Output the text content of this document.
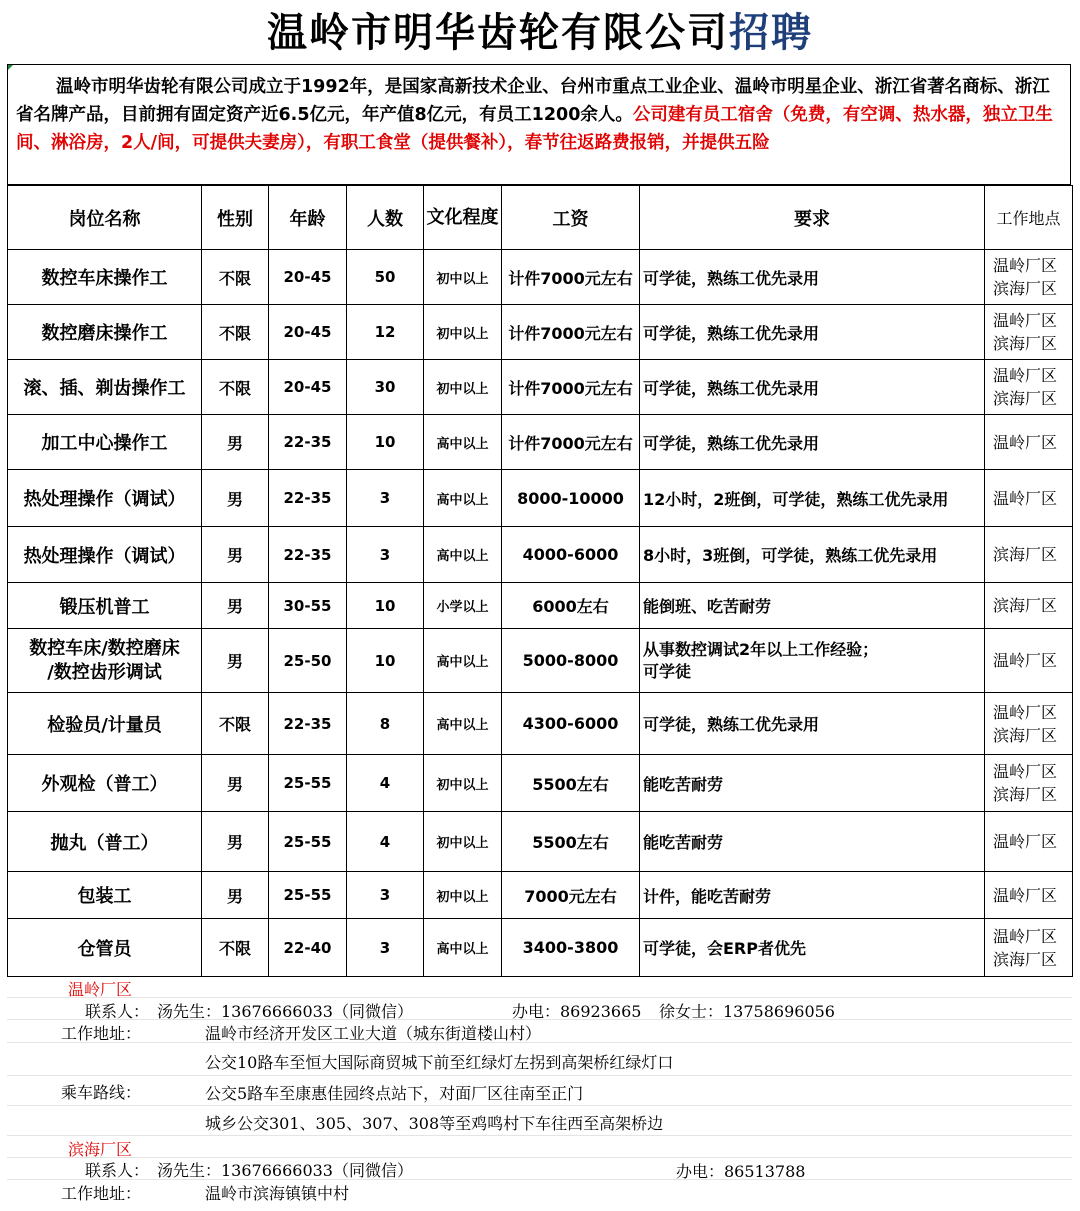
温岭市明华齿轮有限公司招聘
温岭市明华齿轮有限公司成立于1992年，是国家高新技术企业、台州市重点工业企业、温岭市明星企业、浙江省著名商标、浙江省名牌产品，目前拥有固定资产近6.5亿元，年产值8亿元，有员工1200余人。公司建有员工宿舍（免费，有空调、热水器，独立卫生间、淋浴房，2人/间，可提供夫妻房），有职工食堂（提供餐补），春节往返路费报销，并提供五险
岗位名称	性别	年龄	人数	文化程度	工资	要求	工作地点
数控车床操作工	不限	20-45	50	初中以上	计件7000元左右	可学徒，熟练工优先录用	温岭厂区
滨海厂区
数控磨床操作工	不限	20-45	12	初中以上	计件7000元左右	可学徒，熟练工优先录用	温岭厂区
滨海厂区
滚、插、剃齿操作工	不限	20-45	30	初中以上	计件7000元左右	可学徒，熟练工优先录用	温岭厂区
滨海厂区
加工中心操作工	男	22-35	10	高中以上	计件7000元左右	可学徒，熟练工优先录用	温岭厂区
热处理操作（调试）	男	22-35	3	高中以上	8000-10000	12小时，2班倒，可学徒，熟练工优先录用	温岭厂区
热处理操作（调试）	男	22-35	3	高中以上	4000-6000	8小时，3班倒，可学徒，熟练工优先录用	滨海厂区
锻压机普工	男	30-55	10	小学以上	6000左右	能倒班、吃苦耐劳	滨海厂区
数控车床/数控磨床
/数控齿形调试	男	25-50	10	高中以上	5000-8000	从事数控调试2年以上工作经验；
可学徒	温岭厂区
检验员/计量员	不限	22-35	8	高中以上	4300-6000	可学徒，熟练工优先录用	温岭厂区
滨海厂区
外观检（普工）	男	25-55	4	初中以上	5500左右	能吃苦耐劳	温岭厂区
滨海厂区
抛丸（普工）	男	25-55	4	初中以上	5500左右	能吃苦耐劳	温岭厂区
包装工	男	25-55	3	初中以上	7000元左右	计件，能吃苦耐劳	温岭厂区
仓管员	不限	22-40	3	高中以上	3400-3800	可学徒，会ERP者优先	温岭厂区
滨海厂区
温岭厂区
联系人： 汤先生：13676666033（同微信）	办电：86923665 徐女士：13758696056
工作地址：	温岭市经济开发区工业大道（城东街道楼山村）
乘车路线：
公交10路车至恒大国际商贸城下前至红绿灯左拐到高架桥红绿灯口
公交5路车至康惠佳园终点站下，对面厂区往南至正门
城乡公交301、305、307、308等至鸡鸣村下车往西至高架桥边
滨海厂区
联系人： 汤先生：13676666033（同微信）	办电：86513788
工作地址：	温岭市滨海镇镇中村
